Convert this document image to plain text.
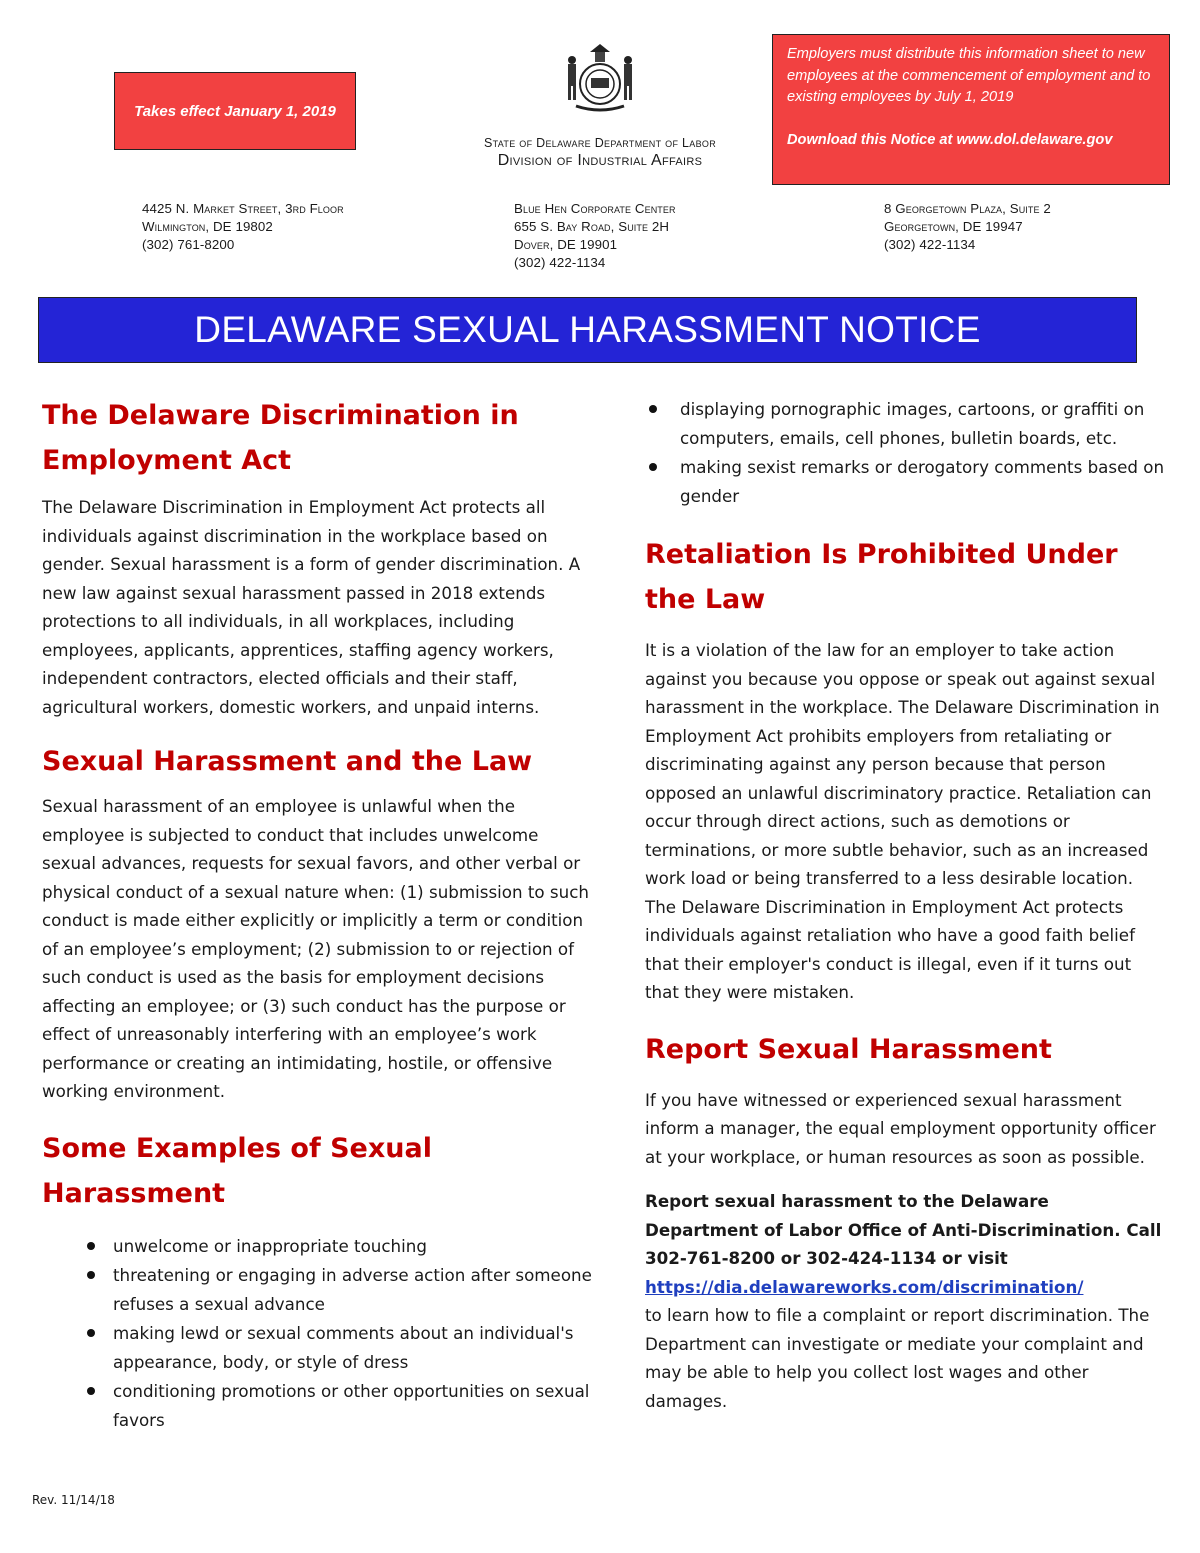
Takes effect January 1, 2019
State of Delaware Department of Labor
Division of Industrial Affairs
Employers must distribute this information sheet to new employees at the commencement of employment and to existing employees by July 1, 2019
Download this Notice at www.dol.delaware.gov
4425 N. Market Street, 3rd Floor
Wilmington, DE 19802
(302) 761-8200
Blue Hen Corporate Center
655 S. Bay Road, Suite 2H
Dover, DE 19901
(302) 422-1134
8 Georgetown Plaza, Suite 2
Georgetown, DE 19947
(302) 422-1134
DELAWARE SEXUAL HARASSMENT NOTICE
The Delaware Discrimination in Employment Act

The Delaware Discrimination in Employment Act protects all individuals against discrimination in the workplace based on gender. Sexual harassment is a form of gender discrimination. A new law against sexual harassment passed in 2018 extends protections to all individuals, in all workplaces, including employees, applicants, apprentices, staffing agency workers, independent contractors, elected officials and their staff, agricultural workers, domestic workers, and unpaid interns.

Sexual Harassment and the Law

Sexual harassment of an employee is unlawful when the employee is subjected to conduct that includes unwelcome sexual advances, requests for sexual favors, and other verbal or physical conduct of a sexual nature when: (1) submission to such conduct is made either explicitly or implicitly a term or condition of an employee’s employment; (2) submission to or rejection of such conduct is used as the basis for employment decisions affecting an employee; or (3) such conduct has the purpose or effect of unreasonably interfering with an employee’s work performance or creating an intimidating, hostile, or offensive working environment.

Some Examples of Sexual Harassment
unwelcome or inappropriate touching
threatening or engaging in adverse action after someone refuses a sexual advance
making lewd or sexual comments about an individual's appearance, body, or style of dress
conditioning promotions or other opportunities on sexual favors
displaying pornographic images, cartoons, or graffiti on computers, emails, cell phones, bulletin boards, etc.
making sexist remarks or derogatory comments based on gender
Retaliation Is Prohibited Under the Law

It is a violation of the law for an employer to take action against you because you oppose or speak out against sexual harassment in the workplace. The Delaware Discrimination in Employment Act prohibits employers from retaliating or discriminating against any person because that person opposed an unlawful discriminatory practice. Retaliation can occur through direct actions, such as demotions or terminations, or more subtle behavior, such as an increased work load or being transferred to a less desirable location. The Delaware Discrimination in Employment Act protects individuals against retaliation who have a good faith belief that their employer's conduct is illegal, even if it turns out that they were mistaken.

Report Sexual Harassment

If you have witnessed or experienced sexual harassment inform a manager, the equal employment opportunity officer at your workplace, or human resources as soon as possible.

Report sexual harassment to the Delaware Department of Labor Office of Anti-Discrimination. Call 302-761-8200 or 302-424-1134 or visit
https://dia.delawareworks.com/discrimination/
to learn how to file a complaint or report discrimination. The Department can investigate or mediate your complaint and may be able to help you collect lost wages and other damages.

Rev. 11/14/18
